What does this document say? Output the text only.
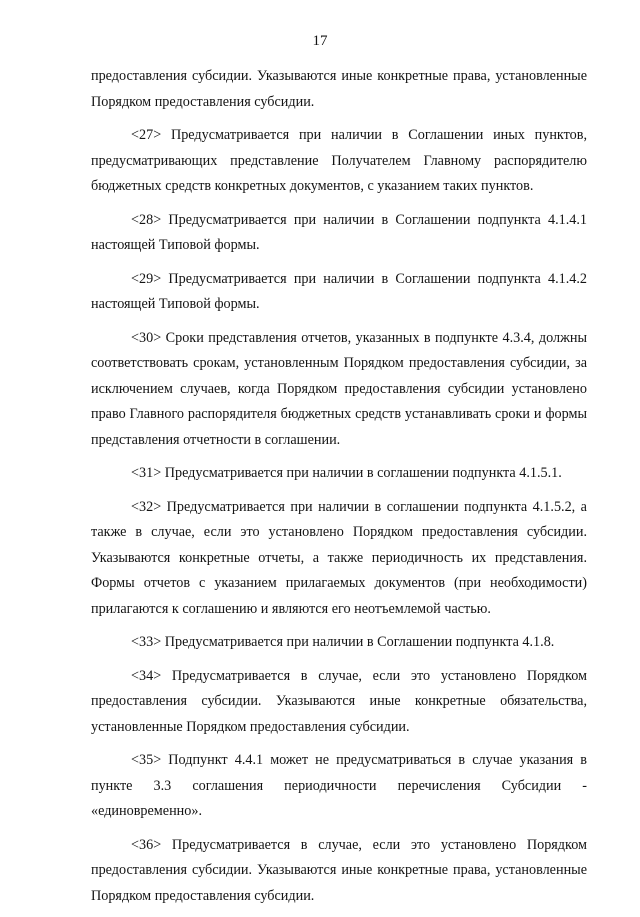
17

предоставления субсидии. Указываются иные конкретные права, установленные Порядком предоставления субсидии.

<27> Предусматривается при наличии в Соглашении иных пунктов, предусматривающих представление Получателем Главному распорядителю бюджетных средств конкретных документов, с указанием таких пунктов.

<28> Предусматривается при наличии в Соглашении подпункта 4.1.4.1 настоящей Типовой формы.

<29> Предусматривается при наличии в Соглашении подпункта 4.1.4.2 настоящей Типовой формы.

<30> Сроки представления отчетов, указанных в подпункте 4.3.4, должны соответствовать срокам, установленным Порядком предоставления субсидии, за исключением случаев, когда Порядком предоставления субсидии установлено право Главного распорядителя бюджетных средств устанавливать сроки и формы представления отчетности в соглашении.

<31> Предусматривается при наличии в соглашении подпункта 4.1.5.1.

<32> Предусматривается при наличии в соглашении подпункта 4.1.5.2, а также в случае, если это установлено Порядком предоставления субсидии. Указываются конкретные отчеты, а также периодичность их представления. Формы отчетов с указанием прилагаемых документов (при необходимости) прилагаются к соглашению и являются его неотъемлемой частью.

<33> Предусматривается при наличии в Соглашении подпункта 4.1.8.

<34> Предусматривается в случае, если это установлено Порядком предоставления субсидии. Указываются иные конкретные обязательства, установленные Порядком предоставления субсидии.

<35> Подпункт 4.4.1 может не предусматриваться в случае указания в пункте 3.3 соглашения периодичности перечисления Субсидии - «единовременно».

<36> Предусматривается в случае, если это установлено Порядком предоставления субсидии. Указываются иные конкретные права, установленные Порядком предоставления субсидии.
